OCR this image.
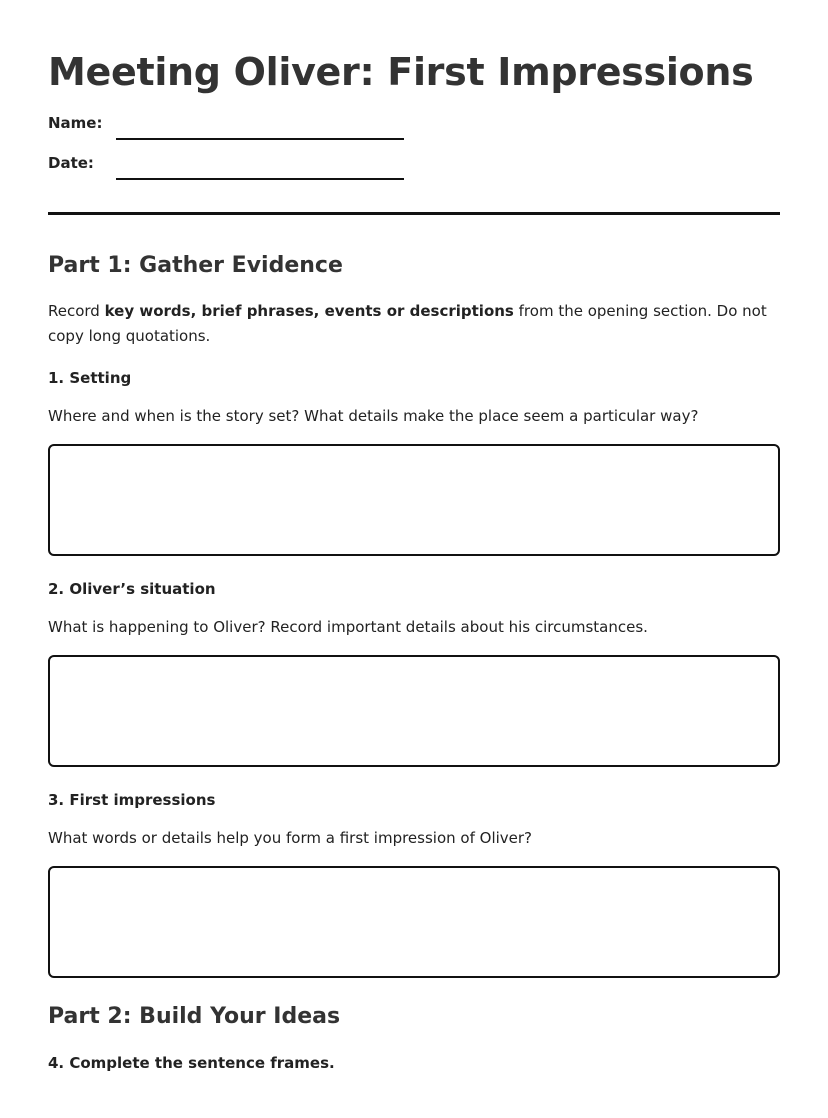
Meeting Oliver: First Impressions
Name:
Date:
Part 1: Gather Evidence

Record key words, brief phrases, events or descriptions from the opening section. Do not copy long quotations.

1. Setting
Where and when is the story set? What details make the place seem a particular way?
2. Oliver’s situation
What is happening to Oliver? Record important details about his circumstances.
3. First impressions
What words or details help you form a first impression of Oliver?
Part 2: Build Your Ideas
4. Complete the sentence frames.
